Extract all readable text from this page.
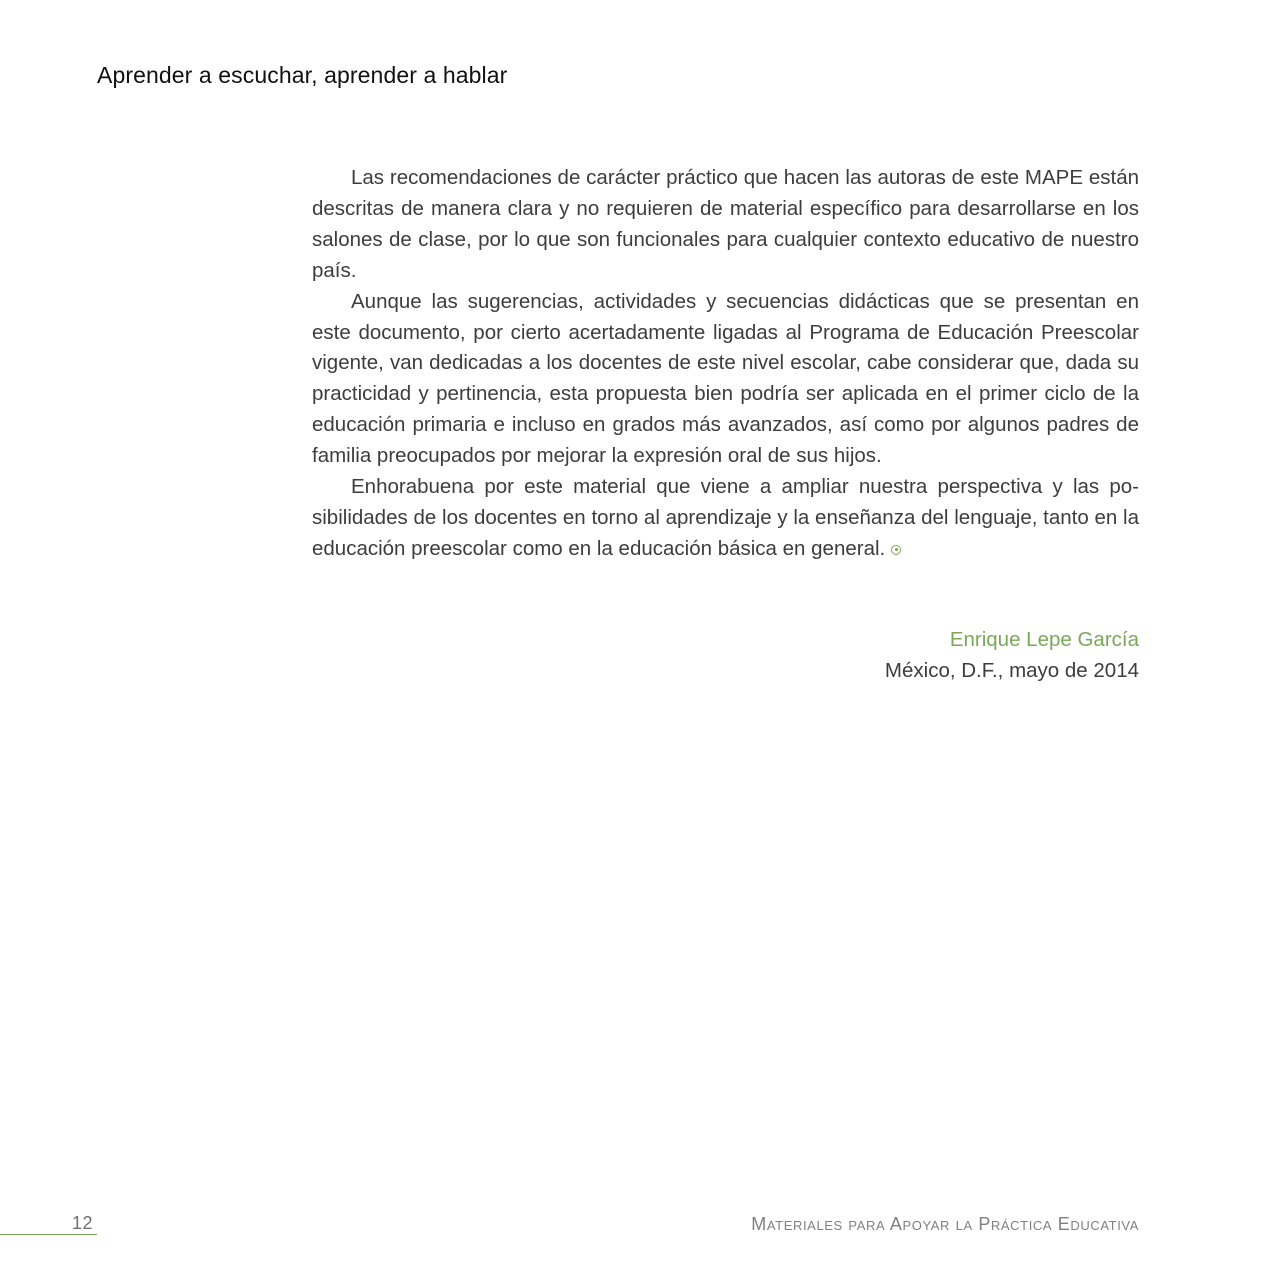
Aprender a escuchar, aprender a hablar

Las recomendaciones de carácter práctico que hacen las autoras de este MAPE están descritas de manera clara y no requieren de material específico para desarrollarse en los salones de clase, por lo que son funcionales para cualquier contexto educativo de nuestro país.

Aunque las sugerencias, actividades y secuencias didácticas que se presentan en este documento, por cierto acertadamente ligadas al Programa de Educación Preescolar vigente, van dedicadas a los docentes de este nivel escolar, cabe considerar que, dada su practicidad y pertinencia, esta propuesta bien podría ser aplicada en el primer ciclo de la educación primaria e incluso en grados más avanzados, así como por algunos padres de familia preocupados por mejorar la expresión oral de sus hijos.

Enhorabuena por este material que viene a ampliar nuestra perspectiva y las posibilidades de los docentes en torno al aprendizaje y la enseñanza del lenguaje, tanto en la educación preescolar como en la educación básica en general.

Enrique Lepe García
México, D.F., mayo de 2014
12	Materiales para Apoyar la Práctica Educativa
